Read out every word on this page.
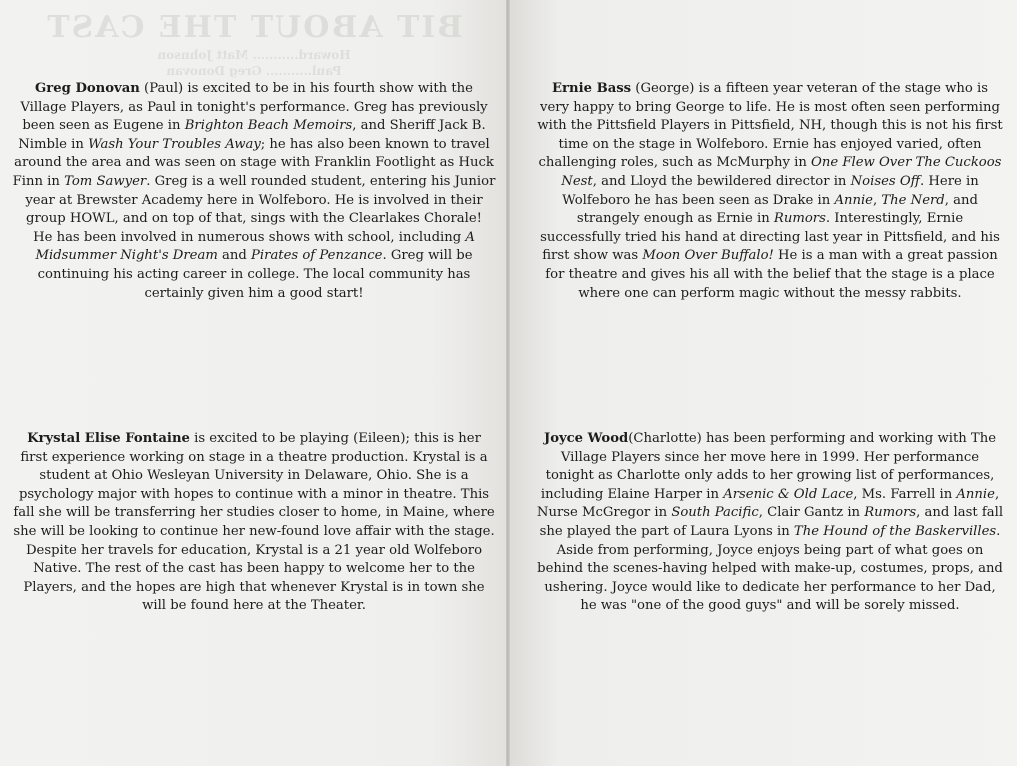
BIT ABOUT THE CAST
Howard........... Matt Johnson
Paul........... Greg Donovan
Greg Donovan (Paul) is excited to be in his fourth show with the Village Players, as Paul in tonight's performance. Greg has previously been seen as Eugene in Brighton Beach Memoirs, and Sheriff Jack B. Nimble in Wash Your Troubles Away; he has also been known to travel around the area and was seen on stage with Franklin Footlight as Huck Finn in Tom Sawyer. Greg is a well rounded student, entering his Junior year at Brewster Academy here in Wolfeboro. He is involved in their group HOWL, and on top of that, sings with the Clearlakes Chorale!
He has been involved in numerous shows with school, including A Midsummer Night's Dream and Pirates of Penzance. Greg will be continuing his acting career in college. The local community has certainly given him a good start!
Krystal Elise Fontaine is excited to be playing (Eileen); this is her first experience working on stage in a theatre production. Krystal is a student at Ohio Wesleyan University in Delaware, Ohio. She is a psychology major with hopes to continue with a minor in theatre. This fall she will be transferring her studies closer to home, in Maine, where she will be looking to continue her new-found love affair with the stage. Despite her travels for education, Krystal is a 21 year old Wolfeboro Native. The rest of the cast has been happy to welcome her to the Players, and the hopes are high that whenever Krystal is in town she will be found here at the Theater.
Ernie Bass (George) is a fifteen year veteran of the stage who is very happy to bring George to life. He is most often seen performing with the Pittsfield Players in Pittsfield, NH, though this is not his first time on the stage in Wolfeboro. Ernie has enjoyed varied, often challenging roles, such as McMurphy in One Flew Over The Cuckoos Nest, and Lloyd the bewildered director in Noises Off. Here in Wolfeboro he has been seen as Drake in Annie, The Nerd, and strangely enough as Ernie in Rumors. Interestingly, Ernie successfully tried his hand at directing last year in Pittsfield, and his first show was Moon Over Buffalo! He is a man with a great passion for theatre and gives his all with the belief that the stage is a place where one can perform magic without the messy rabbits.
Joyce Wood(Charlotte) has been performing and working with The Village Players since her move here in 1999. Her performance tonight as Charlotte only adds to her growing list of performances, including Elaine Harper in Arsenic & Old Lace, Ms. Farrell in Annie, Nurse McGregor in South Pacific, Clair Gantz in Rumors, and last fall she played the part of Laura Lyons in The Hound of the Baskervilles. Aside from performing, Joyce enjoys being part of what goes on behind the scenes-having helped with make-up, costumes, props, and ushering. Joyce would like to dedicate her performance to her Dad, he was "one of the good guys" and will be sorely missed.
